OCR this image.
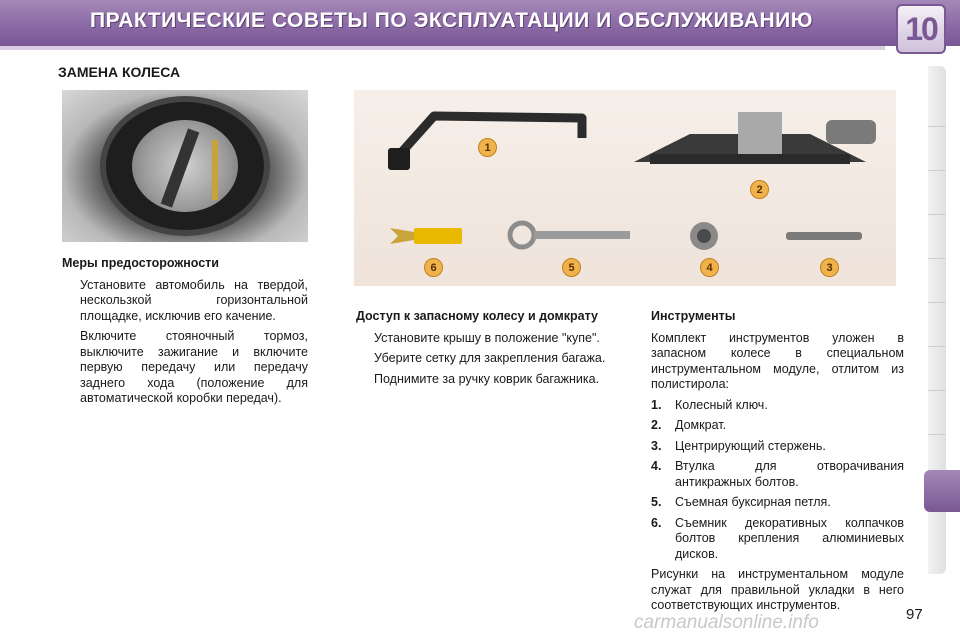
ПРАКТИЧЕСКИЕ СОВЕТЫ ПО ЭКСПЛУАТАЦИИ И ОБСЛУЖИВАНИЮ	10
ЗАМЕНА КОЛЕСА
1
2
3
4
5
6
Меры предосторожности
Установите автомобиль на твердой, нескользкой горизонтальной площадке, исключив его качение.
Включите стояночный тормоз, выключите зажигание и включите первую передачу или передачу заднего хода (положение для автоматической коробки передач).
Доступ к запасному колесу и домкрату
Установите крышу в положение "купе".
Уберите сетку для закрепления багажа.
Поднимите за ручку коврик багажника.
Инструменты
Комплект инструментов уложен в запасном колесе в специальном инструментальном модуле, отлитом из полистирола:
1.	Колесный ключ.
2.	Домкрат.
3.	Центрирующий стержень.
4.	Втулка для отворачивания антикражных болтов.
5.	Съемная буксирная петля.
6.	Съемник декоративных колпачков болтов крепления алюминиевых дисков.
Рисунки на инструментальном модуле служат для правильной укладки в него соответствующих инструментов.
carmanualsonline.info	97
